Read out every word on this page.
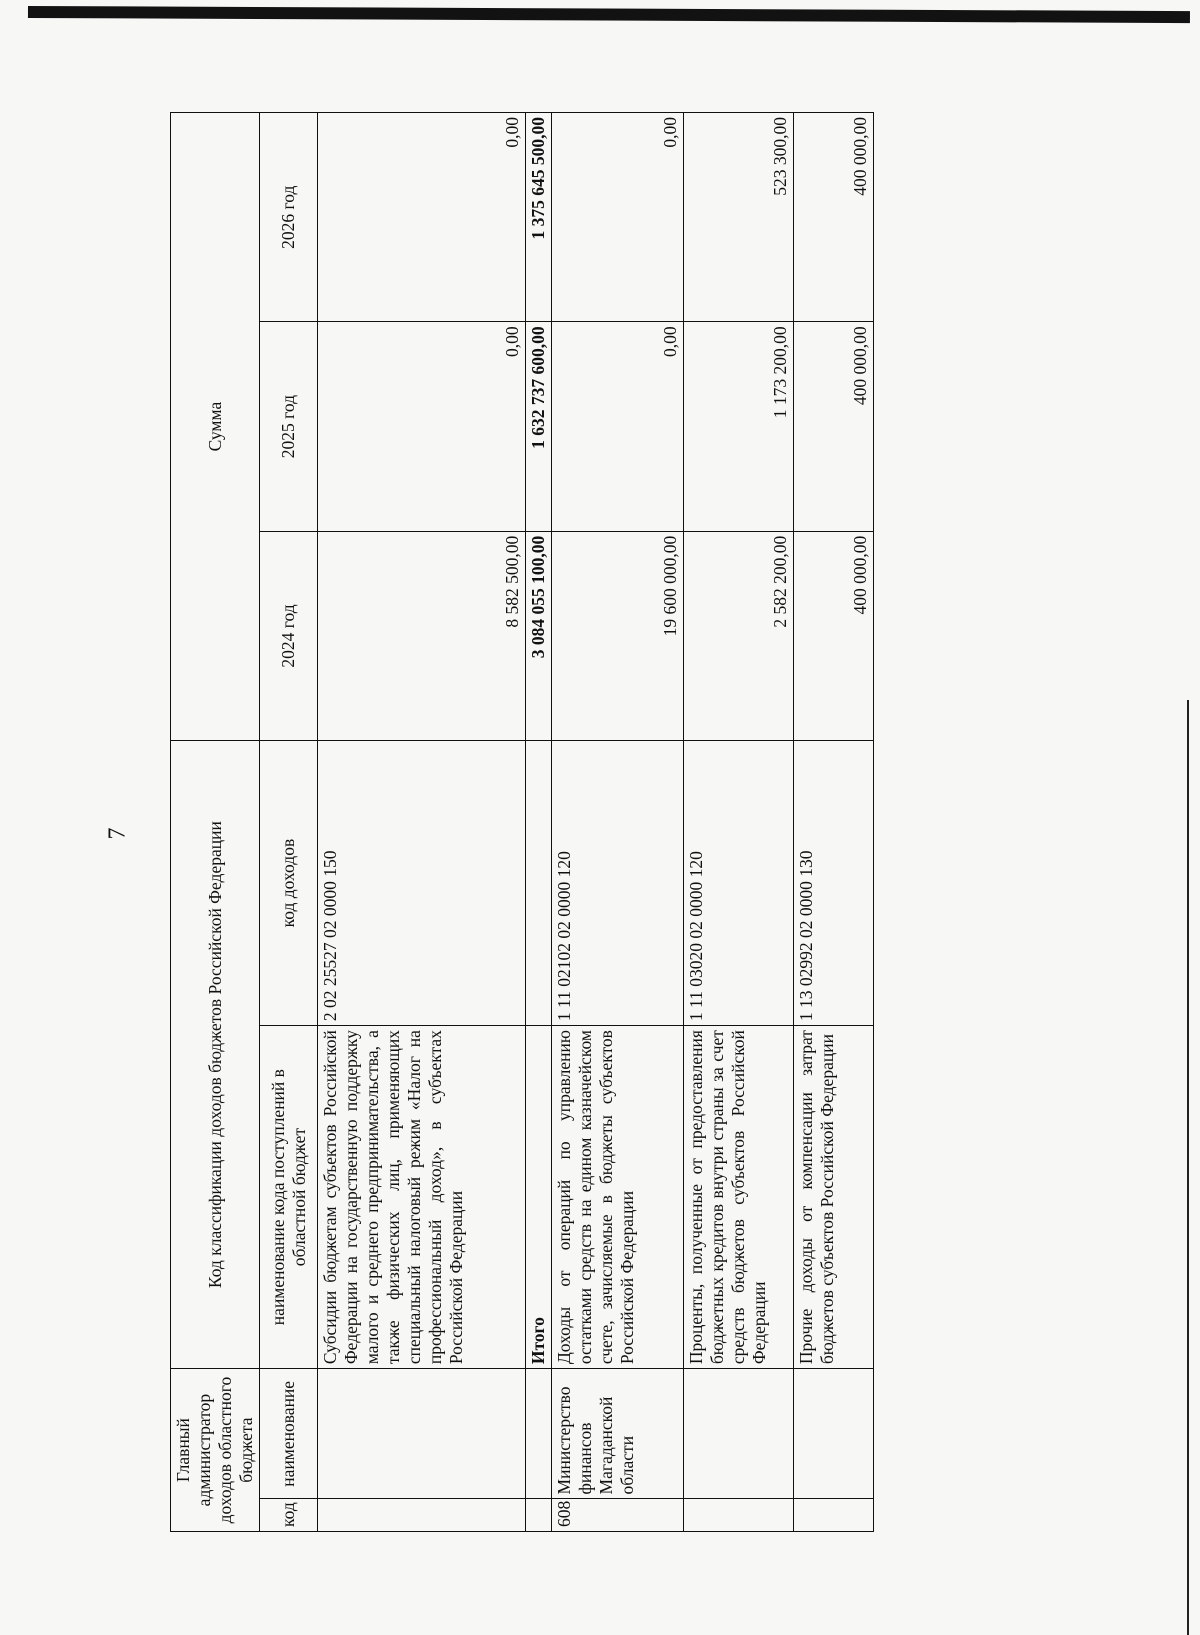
7
Главный администратор доходов областного бюджета		Код классификации доходов бюджетов Российской Федерации		Сумма		
код	наименование	наименование кода поступлений в областной бюджет	код доходов	2024 год	2025 год	2026 год
		Субсидии бюджетам субъектов Российской Федерации на государственную поддержку малого и среднего предпринимательства, а также физических лиц, применяющих специальный налоговый режим «Налог на профессиональный доход», в субъектах Российской Федерации	2 02 25527 02 0000 150	8 582 500,00	0,00	0,00
		Итого		3 084 055 100,00	1 632 737 600,00	1 375 645 500,00
608	Министерство финансов Магаданской области	Доходы от операций по управлению остатками средств на едином казначейском счете, зачисляемые в бюджеты субъектов Российской Федерации	1 11 02102 02 0000 120	19 600 000,00	0,00	0,00
		Проценты, полученные от предоставления бюджетных кредитов внутри страны за счет средств бюджетов субъектов Российской Федерации	1 11 03020 02 0000 120	2 582 200,00	1 173 200,00	523 300,00
		Прочие доходы от компенсации затрат бюджетов субъектов Российской Федерации	1 13 02992 02 0000 130	400 000,00	400 000,00	400 000,00
